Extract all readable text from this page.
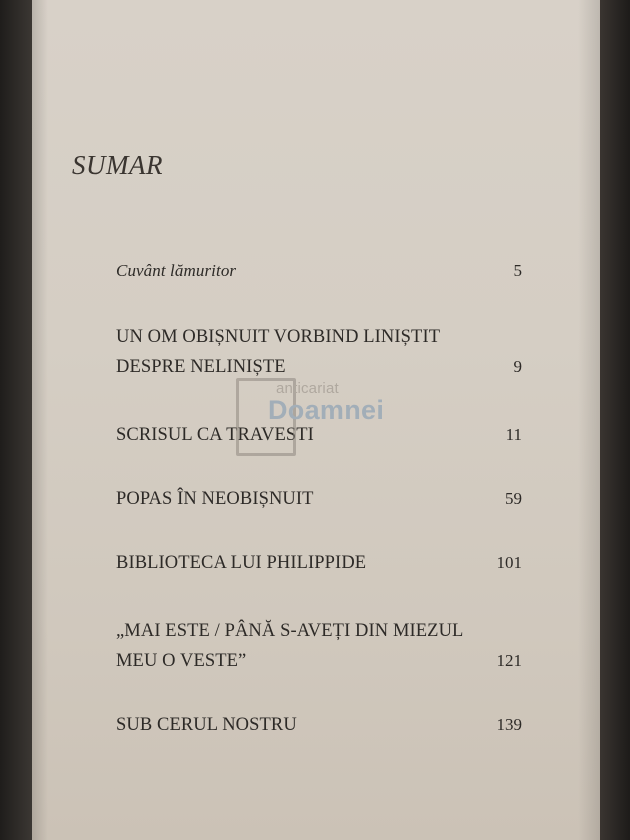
SUMAR
Cuvânt lămuritor	5
UN OM OBIȘNUIT VORBIND LINIȘTIT
DESPRE NELINIȘTE	9
SCRISUL CA TRAVESTI	11
POPAS ÎN NEOBIȘNUIT	59
BIBLIOTECA LUI PHILIPPIDE	101
„MAI ESTE / PÂNĂ S-AVEȚI DIN MIEZUL
MEU O VESTE”	121
SUB CERUL NOSTRU	139
anticariat
Doamnei
